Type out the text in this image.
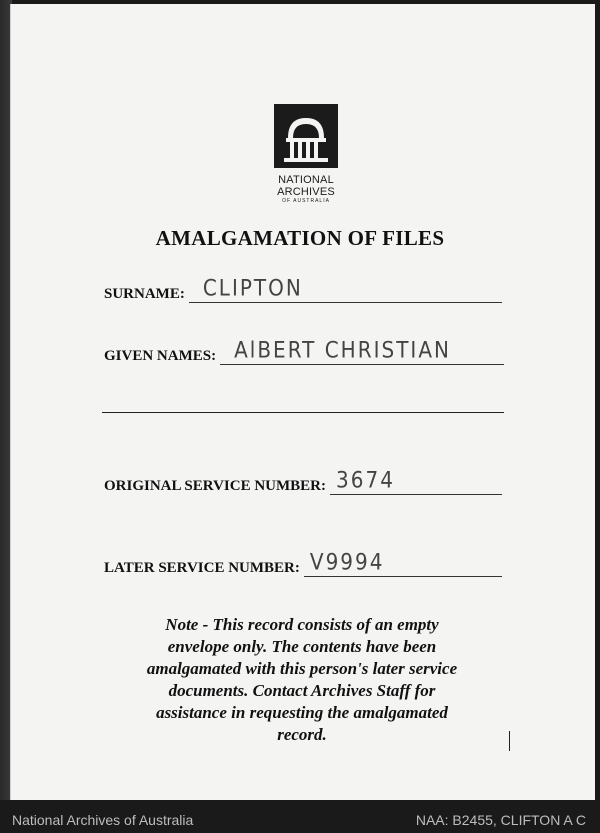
NATIONAL
ARCHIVES
OF AUSTRALIA
AMALGAMATION OF FILES
SURNAME: CLIPTON
GIVEN NAMES: AlBERT CHRISTIAN
ORIGINAL SERVICE NUMBER: 3674
LATER SERVICE NUMBER: V9994
Note - This record consists of an empty
envelope only. The contents have been
amalgamated with this person's later service
documents. Contact Archives Staff for
assistance in requesting the amalgamated
record.
National Archives of Australia	NAA: B2455, CLIFTON A C
